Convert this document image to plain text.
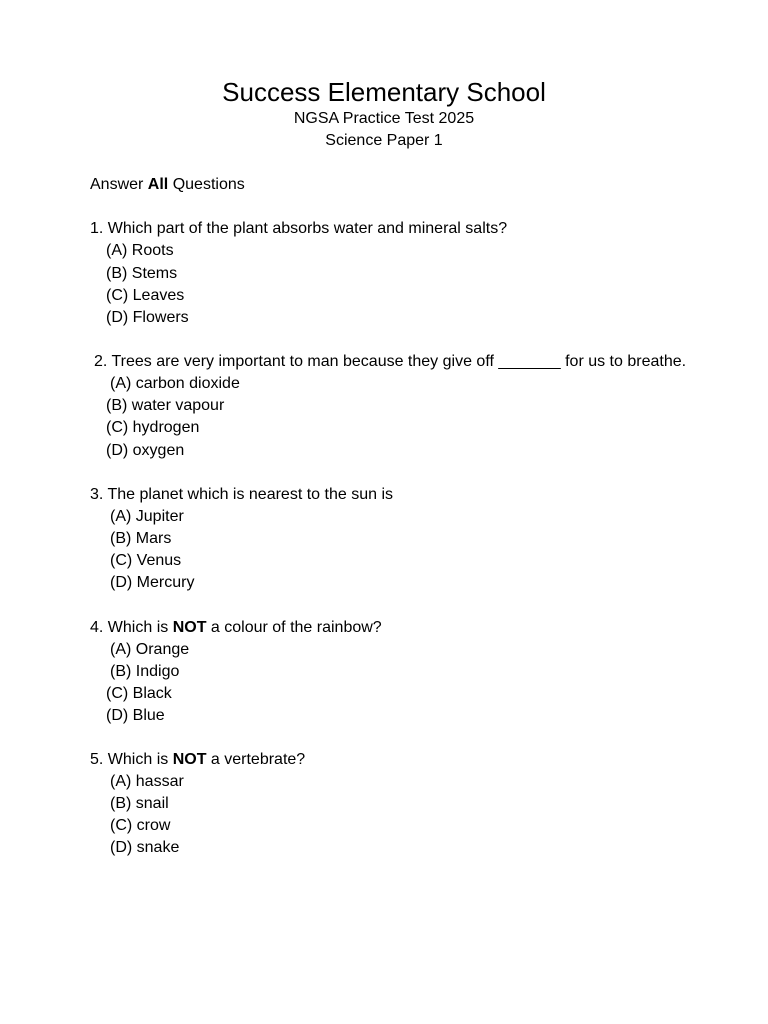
Success Elementary School
NGSA Practice Test 2025
Science Paper 1
Answer All Questions
1. Which part of the plant absorbs water and mineral salts?
(A) Roots
(B) Stems
(C) Leaves
(D) Flowers
2. Trees are very important to man because they give off _______ for us to breathe.
(A) carbon dioxide
(B) water vapour
(C) hydrogen
(D) oxygen
3. The planet which is nearest to the sun is
(A) Jupiter
(B) Mars
(C) Venus
(D) Mercury
4. Which is NOT a colour of the rainbow?
(A) Orange
(B) Indigo
(C) Black
(D) Blue
5. Which is NOT a vertebrate?
(A) hassar
(B) snail
(C) crow
(D) snake
